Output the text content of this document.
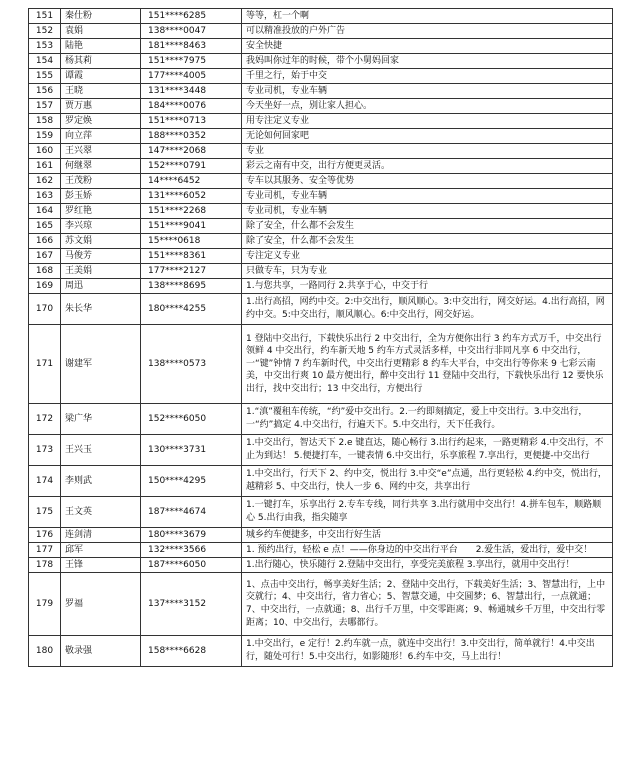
151	秦仕粉	151****6285	等等，杠一个啊
152	袁娟	138****0047	可以精准投放的户外广告
153	陆艳	181****8463	安全快捷
154	杨其莉	151****7975	我妈叫你过年的时候，带个小舅妈回家
155	谭霞	177****4005	千里之行，始于中交
156	王晓	131****3448	专业司机，专业车辆
157	贾万惠	184****0076	今天坐好一点，别让家人担心。
158	罗定焕	151****0713	用专注定义专业
159	向立萍	188****0352	无论如何回家吧
160	王兴翠	147****2068	专业
161	何继翠	152****0791	彩云之南有中交，出行方便更灵活。
162	王茂粉	14****6452	专车以其服务、安全等优势
163	彭玉娇	131****6052	专业司机，专业车辆
164	罗红艳	151****2268	专业司机，专业车辆
165	李兴琼	151****9041	除了安全，什么都不会发生
166	苏文娟	15****0618	除了安全，什么都不会发生
167	马俊芳	151****8361	专注定义专业
168	王美娟	177****2127	只做专车，只为专业
169	周迅	138****8695	1.与您共享，一路同行 2.共享于心，中交于行
170	朱长华	180****4255	1.出行高招，网约中交。2:中交出行，顺风顺心。3:中交出行，网交好运。4.出行高招，网约中交。5:中交出行，顺风顺心。6:中交出行，网交好运。
171	谢建军	138****0573	1 登陆中交出行，下载快乐出行 2 中交出行，全为方便你出行 3 约车方式万千，中交出行领鲜 4 中交出行，约车新天地 5 约车方式灵活多样，中交出行非同凡享 6 中交出行，一“键”钟情 7 约车新时代，中交出行更精彩 8 约车大平台，中交出行等你来 9 七彩云南美，中交出行爽 10 最方便出行，醉中交出行 11 登陆中交出行，下载快乐出行 12 要快乐出行，找中交出行；13 中交出行，方便出行
172	梁广华	152****6050	1.“滇”覆租车传统，“约”爱中交出行。2.一约即刻搞定，爱上中交出行。3.中交出行，一“约”搞定 4.中交出行，行遍天下。5.中交出行，天下任我行。
173	王兴玉	130****3731	1.中交出行，智达天下 2.e 键直达，随心畅行 3.出行约起来，一路更精彩 4.中交出行，不止为到达！ 5.便捷打车，一键表情 6.中交出行，乐享旅程 7.享出行，更便捷-中交出行
174	李则武	150****4295	1.中交出行，行天下 2、约中交，悦出行 3.中交“e”点通，出行更轻松 4.约中交，悦出行，越精彩 5、中交出行，快人一步 6、网约中交，共享出行
175	王文英	187****4674	1.一键打车，乐享出行 2.专车专线，同行共享 3.出行就用中交出行！4.拼车包车，顺路顺心 5.出行由我，指尖随享
176	连剑清	180****3679	城乡约车便捷多，中交出行好生活
177	邱军	132****3566	1. 预约出行，轻松 e 点！——你身边的中交出行平台　　2.爱生活，爱出行，爱中交！
178	王锋	187****6050	1.出行随心，快乐随行 2.登陆中交出行，享受完美旅程 3.享出行，就用中交出行！
179	罗福	137****3152	1、点击中交出行，畅享美好生活；2、登陆中交出行，下载美好生活；3、智慧出行，上中交就行；4、中交出行，省力省心；5、智慧交通，中交圆梦；6、智慧出行，一点就通；7、中交出行，一点就通；8、出行千万里，中交零距离；9、畅通城乡千万里，中交出行零距离；10、中交出行，去哪都行。
180	敬录强	158****6628	1.中交出行，e 定行！2.约车就一点，就连中交出行！3.中交出行，简单就行！4.中交出行，随处可行！5.中交出行，如影随形！6.约车中交，马上出行！
